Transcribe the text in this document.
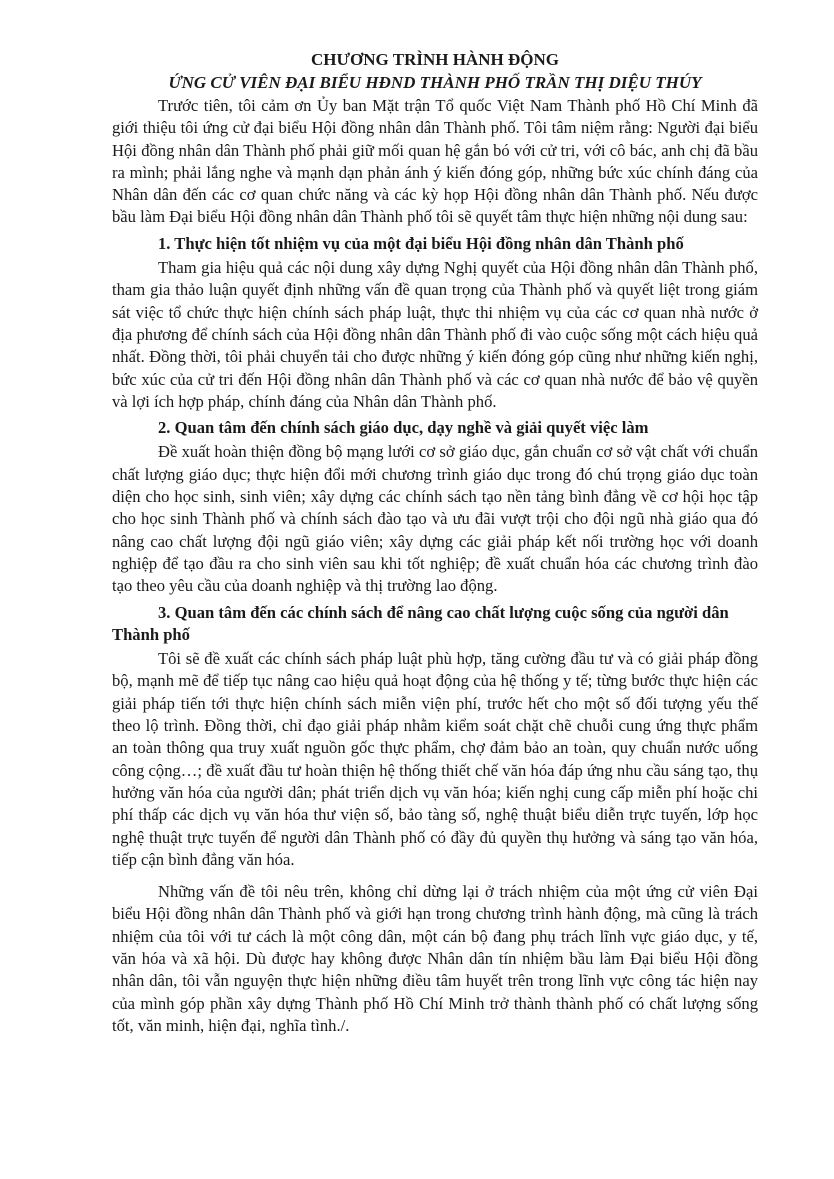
CHƯƠNG TRÌNH HÀNH ĐỘNG

ỨNG CỬ VIÊN ĐẠI BIỂU HĐND THÀNH PHỐ TRẦN THỊ DIỆU THÚY

Trước tiên, tôi cảm ơn Ủy ban Mặt trận Tổ quốc Việt Nam Thành phố Hồ Chí Minh đã giới thiệu tôi ứng cử đại biểu Hội đồng nhân dân Thành phố. Tôi tâm niệm rằng: Người đại biểu Hội đồng nhân dân Thành phố phải giữ mối quan hệ gắn bó với cử tri, với cô bác, anh chị đã bầu ra mình; phải lắng nghe và mạnh dạn phản ánh ý kiến đóng góp, những bức xúc chính đáng của Nhân dân đến các cơ quan chức năng và các kỳ họp Hội đồng nhân dân Thành phố. Nếu được bầu làm Đại biểu Hội đồng nhân dân Thành phố tôi sẽ quyết tâm thực hiện những nội dung sau:

1. Thực hiện tốt nhiệm vụ của một đại biểu Hội đồng nhân dân Thành phố

Tham gia hiệu quả các nội dung xây dựng Nghị quyết của Hội đồng nhân dân Thành phố, tham gia thảo luận quyết định những vấn đề quan trọng của Thành phố và quyết liệt trong giám sát việc tổ chức thực hiện chính sách pháp luật, thực thi nhiệm vụ của các cơ quan nhà nước ở địa phương để chính sách của Hội đồng nhân dân Thành phố đi vào cuộc sống một cách hiệu quả nhất. Đồng thời, tôi phải chuyển tải cho được những ý kiến đóng góp cũng như những kiến nghị, bức xúc của cử tri đến Hội đồng nhân dân Thành phố và các cơ quan nhà nước để bảo vệ quyền và lợi ích hợp pháp, chính đáng của Nhân dân Thành phố.

2. Quan tâm đến chính sách giáo dục, dạy nghề và giải quyết việc làm

Đề xuất hoàn thiện đồng bộ mạng lưới cơ sở giáo dục, gắn chuẩn cơ sở vật chất với chuẩn chất lượng giáo dục; thực hiện đổi mới chương trình giáo dục trong đó chú trọng giáo dục toàn diện cho học sinh, sinh viên; xây dựng các chính sách tạo nền tảng bình đẳng về cơ hội học tập cho học sinh Thành phố và chính sách đào tạo và ưu đãi vượt trội cho đội ngũ nhà giáo qua đó nâng cao chất lượng đội ngũ giáo viên; xây dựng các giải pháp kết nối trường học với doanh nghiệp để tạo đầu ra cho sinh viên sau khi tốt nghiệp; đề xuất chuẩn hóa các chương trình đào tạo theo yêu cầu của doanh nghiệp và thị trường lao động.

3. Quan tâm đến các chính sách để nâng cao chất lượng cuộc sống của người dân Thành phố

Tôi sẽ đề xuất các chính sách pháp luật phù hợp, tăng cường đầu tư và có giải pháp đồng bộ, mạnh mẽ để tiếp tục nâng cao hiệu quả hoạt động của hệ thống y tế; từng bước thực hiện các giải pháp tiến tới thực hiện chính sách miễn viện phí, trước hết cho một số đối tượng yếu thế theo lộ trình. Đồng thời, chỉ đạo giải pháp nhằm kiểm soát chặt chẽ chuỗi cung ứng thực phẩm an toàn thông qua truy xuất nguồn gốc thực phẩm, chợ đảm bảo an toàn, quy chuẩn nước uống công cộng…; đề xuất đầu tư hoàn thiện hệ thống thiết chế văn hóa đáp ứng nhu cầu sáng tạo, thụ hưởng văn hóa của người dân; phát triển dịch vụ văn hóa; kiến nghị cung cấp miễn phí hoặc chi phí thấp các dịch vụ văn hóa thư viện số, bảo tàng số, nghệ thuật biểu diễn trực tuyến, lớp học nghệ thuật trực tuyến để người dân Thành phố có đầy đủ quyền thụ hưởng và sáng tạo văn hóa, tiếp cận bình đẳng văn hóa.

Những vấn đề tôi nêu trên, không chỉ dừng lại ở trách nhiệm của một ứng cử viên Đại biểu Hội đồng nhân dân Thành phố và giới hạn trong chương trình hành động, mà cũng là trách nhiệm của tôi với tư cách là một công dân, một cán bộ đang phụ trách lĩnh vực giáo dục, y tế, văn hóa và xã hội. Dù được hay không được Nhân dân tín nhiệm bầu làm Đại biểu Hội đồng nhân dân, tôi vẫn nguyện thực hiện những điều tâm huyết trên trong lĩnh vực công tác hiện nay của mình góp phần xây dựng Thành phố Hồ Chí Minh trở thành thành phố có chất lượng sống tốt, văn minh, hiện đại, nghĩa tình./.
